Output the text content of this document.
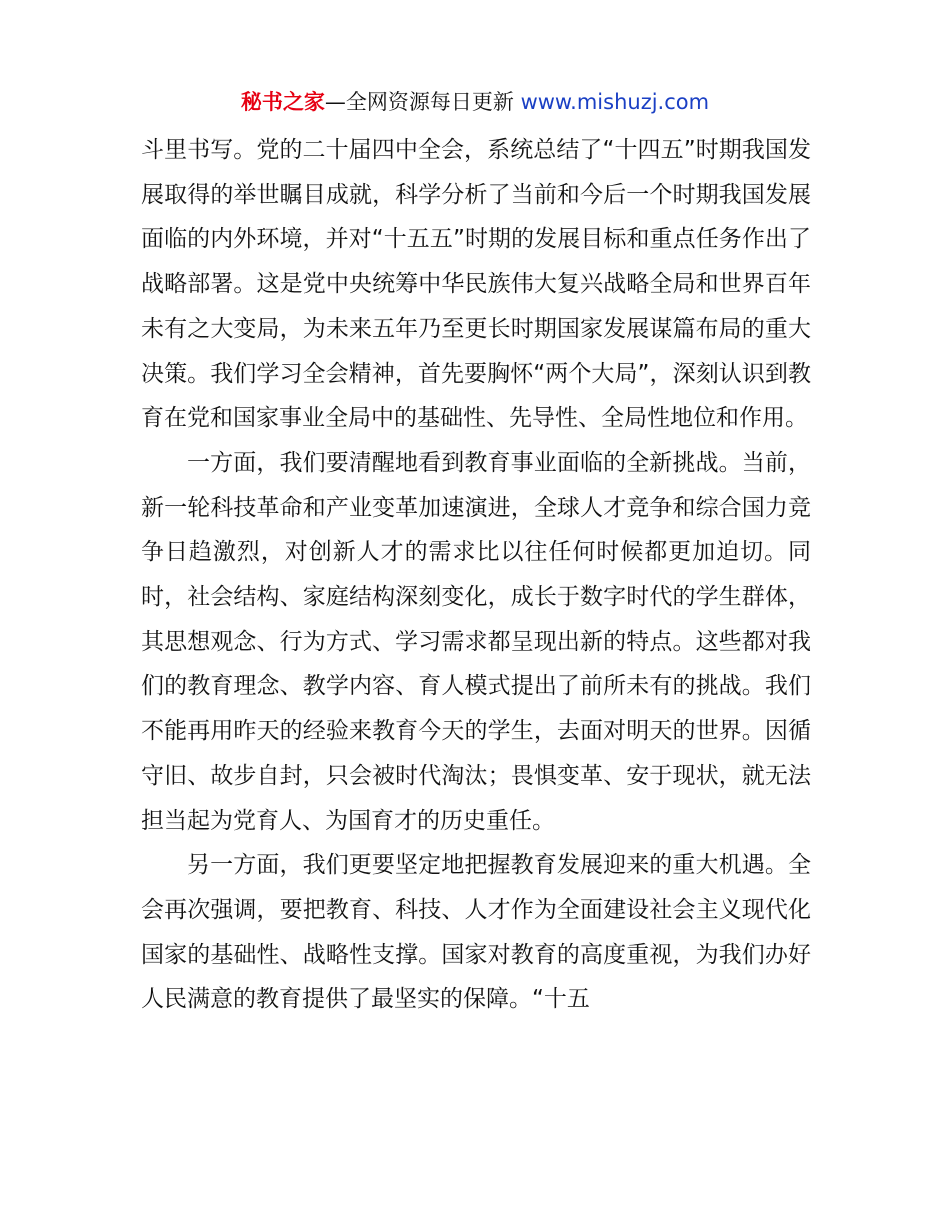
秘书之家—全网资源每日更新 www.mishuzj.com

斗里书写。党的二十届四中全会，系统总结了“十四五”时期我国发展取得的举世瞩目成就，科学分析了当前和今后一个时期我国发展面临的内外环境，并对“十五五”时期的发展目标和重点任务作出了战略部署。这是党中央统筹中华民族伟大复兴战略全局和世界百年未有之大变局，为未来五年乃至更长时期国家发展谋篇布局的重大决策。我们学习全会精神，首先要胸怀“两个大局”，深刻认识到教育在党和国家事业全局中的基础性、先导性、全局性地位和作用。

一方面，我们要清醒地看到教育事业面临的全新挑战。当前，新一轮科技革命和产业变革加速演进，全球人才竞争和综合国力竞争日趋激烈，对创新人才的需求比以往任何时候都更加迫切。同时，社会结构、家庭结构深刻变化，成长于数字时代的学生群体，其思想观念、行为方式、学习需求都呈现出新的特点。这些都对我们的教育理念、教学内容、育人模式提出了前所未有的挑战。我们不能再用昨天的经验来教育今天的学生，去面对明天的世界。因循守旧、故步自封，只会被时代淘汰；畏惧变革、安于现状，就无法担当起为党育人、为国育才的历史重任。

另一方面，我们更要坚定地把握教育发展迎来的重大机遇。全会再次强调，要把教育、科技、人才作为全面建设社会主义现代化国家的基础性、战略性支撑。国家对教育的高度重视，为我们办好人民满意的教育提供了最坚实的保障。“十五
